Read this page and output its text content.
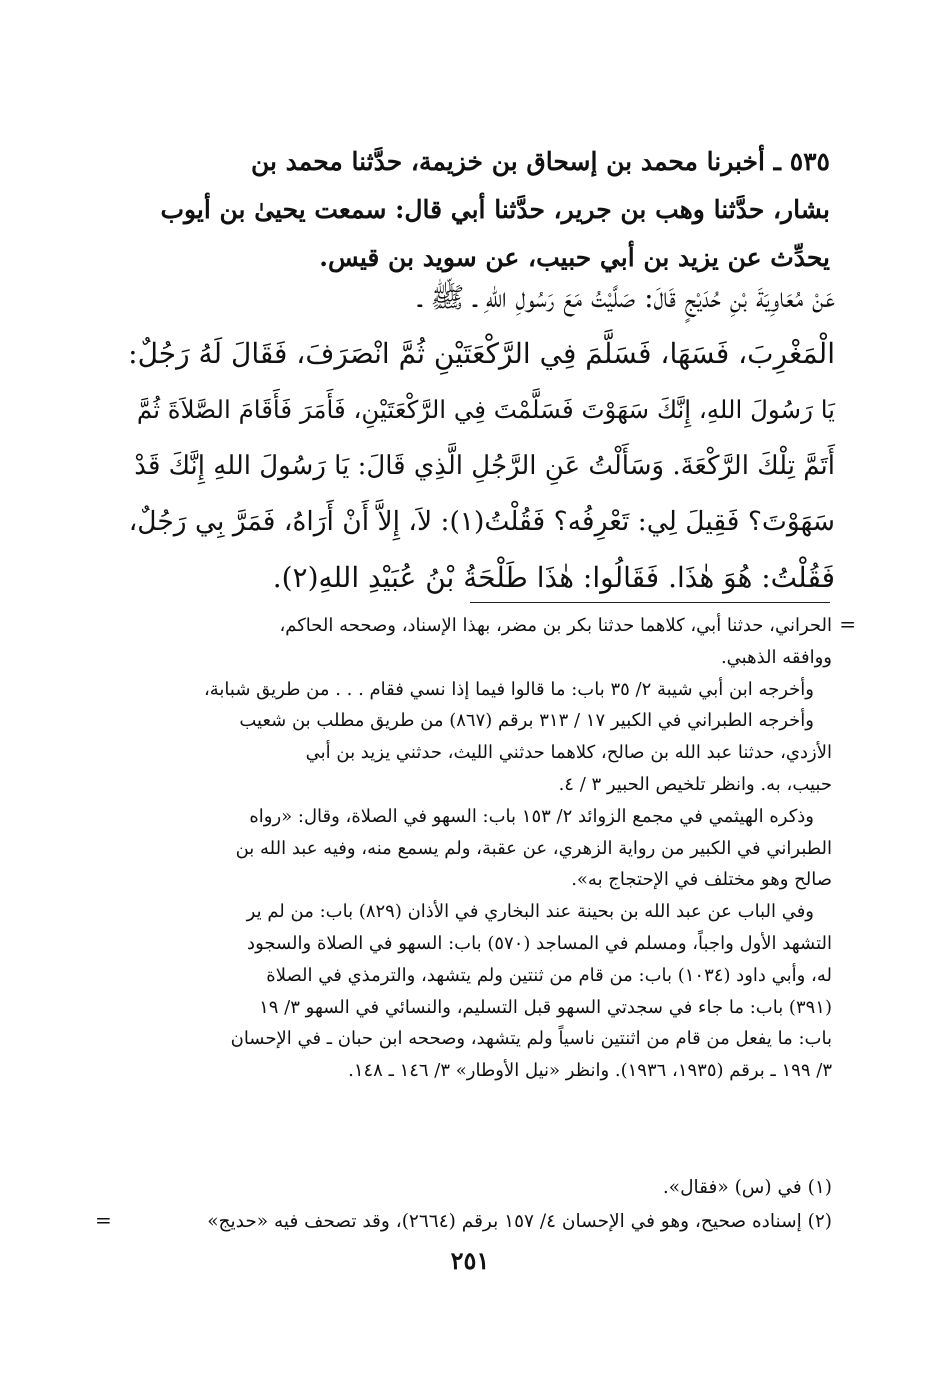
٥٣٥ ـ أخبرنا محمد بن إسحاق بن خزيمة، حدَّثنا محمد بن
بشار، حدَّثنا وهب بن جرير، حدَّثنا أبي قال: سمعت يحيىٰ بن أيوب
يحدِّث عن يزيد بن أبي حبيب، عن سويد بن قيس.
عَنْ مُعَاوِيَةَ بْنِ حُدَيْجٍ قَالَ: صَلَّيْتُ مَعَ رَسُولِ اللهِ ـ ﷺ ـ
الْمَغْرِبَ، فَسَهَا، فَسَلَّمَ فِي الرَّكْعَتَيْنِ ثُمَّ انْصَرَفَ، فَقَالَ لَهُ رَجُلٌ:
يَا رَسُولَ اللهِ، إِنَّكَ سَهَوْتَ فَسَلَّمْتَ فِي الرَّكْعَتَيْنِ، فَأَمَرَ فَأَقَامَ الصَّلاَةَ ثُمَّ
أَتَمَّ تِلْكَ الرَّكْعَةَ. وَسَأَلْتُ عَنِ الرَّجُلِ الَّذِي قَالَ: يَا رَسُولَ اللهِ إِنَّكَ قَدْ
سَهَوْتَ؟ فَقِيلَ لِي: تَعْرِفُه؟ فَقُلْتُ(١): لاَ، إِلاَّ أَنْ أَرَاهُ، فَمَرَّ بِي رَجُلٌ،
فَقُلْتُ: هُوَ هٰذَا. فَقَالُوا: هٰذَا طَلْحَةُ بْنُ عُبَيْدِ اللهِ(٢).
=
الحراني، حدثنا أبي، كلاهما حدثنا بكر بن مضر، بهذا الإسناد، وصححه الحاكم،
ووافقه الذهبي.
وأخرجه ابن أبي شيبة ٢/ ٣٥ باب: ما قالوا فيما إذا نسي فقام . . . من طريق شبابة،
وأخرجه الطبراني في الكبير ١٧ / ٣١٣ برقم (٨٦٧) من طريق مطلب بن شعيب
الأزدي، حدثنا عبد الله بن صالح، كلاهما حدثني الليث، حدثني يزيد بن أبي
حبيب، به. وانظر تلخيص الحبير ٣ / ٤.
وذكره الهيثمي في مجمع الزوائد ٢/ ١٥٣ باب: السهو في الصلاة، وقال: «رواه
الطبراني في الكبير من رواية الزهري، عن عقبة، ولم يسمع منه، وفيه عبد الله بن
صالح وهو مختلف في الإحتجاج به».
وفي الباب عن عبد الله بن بحينة عند البخاري في الأذان (٨٢٩) باب: من لم ير
التشهد الأول واجباً، ومسلم في المساجد (٥٧٠) باب: السهو في الصلاة والسجود
له، وأبي داود (١٠٣٤) باب: من قام من ثنتين ولم يتشهد، والترمذي في الصلاة
(٣٩١) باب: ما جاء في سجدتي السهو قبل التسليم، والنسائي في السهو ٣/ ١٩
باب: ما يفعل من قام من اثنتين ناسياً ولم يتشهد، وصححه ابن حبان ـ في الإحسان
٣/ ١٩٩ ـ برقم (١٩٣٥، ١٩٣٦). وانظر «نيل الأوطار» ٣/ ١٤٦ ـ ١٤٨.
(١) في (س) «فقال».
(٢) إسناده صحيح، وهو في الإحسان ٤/ ١٥٧ برقم (٢٦٦٤)، وقد تصحف فيه «حديج»
=
٢٥١
